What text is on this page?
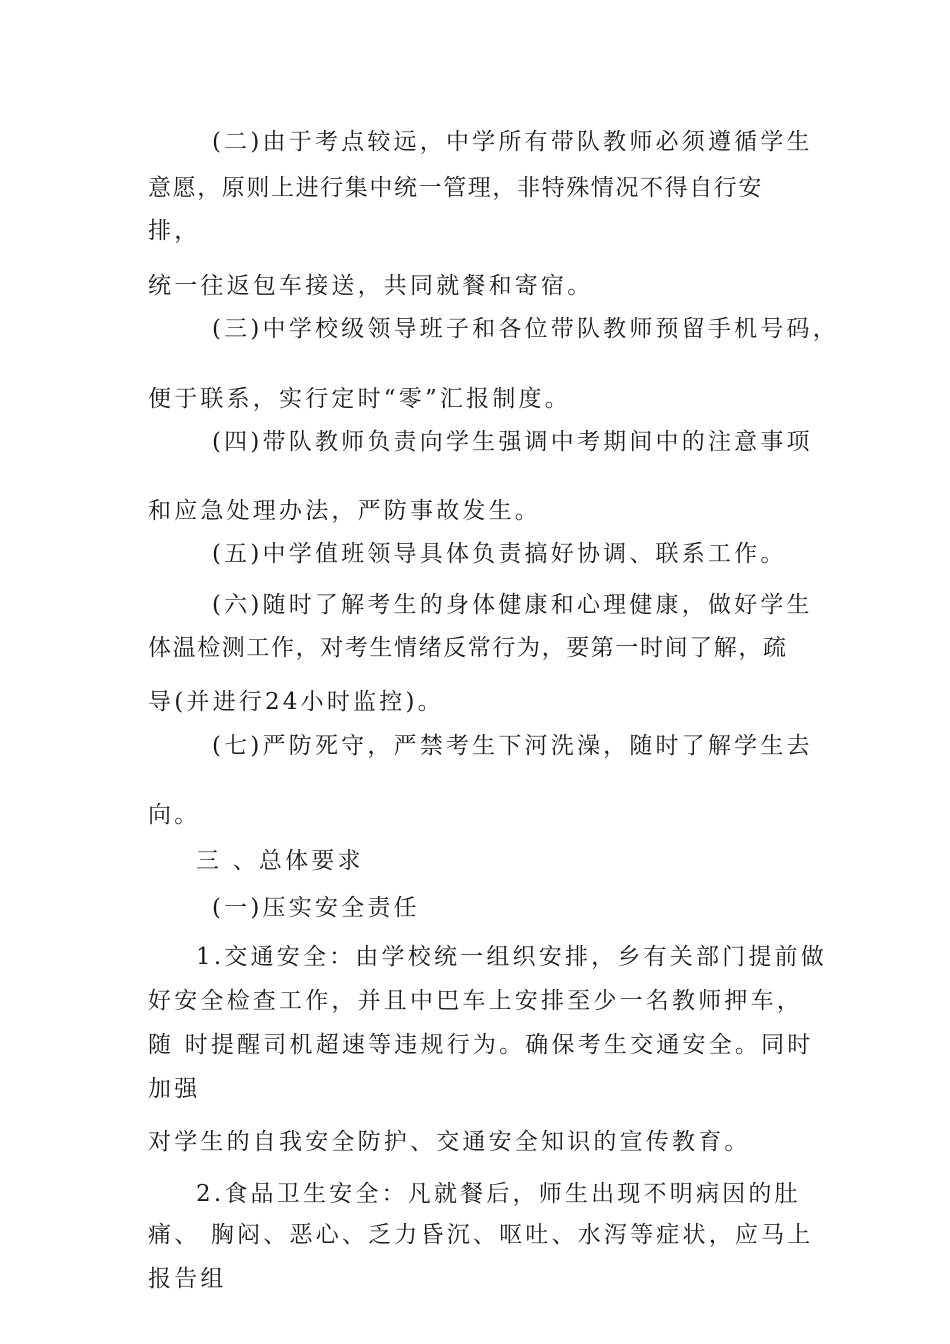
(二)由于考点较远，中学所有带队教师必须遵循学生
意愿，原则上进行集中统一管理，非特殊情况不得自行安
排，
统一往返包车接送，共同就餐和寄宿。
(三)中学校级领导班子和各位带队教师预留手机号码，
便于联系，实行定时“零”汇报制度。
(四)带队教师负责向学生强调中考期间中的注意事项
和应急处理办法，严防事故发生。
(五)中学值班领导具体负责搞好协调、联系工作。
(六)随时了解考生的身体健康和心理健康，做好学生
体温检测工作，对考生情绪反常行为，要第一时间了解，疏
导(并进行24小时监控)。
(七)严防死守，严禁考生下河洗澡，随时了解学生去
向。
三 、总体要求
(一)压实安全责任
1.交通安全：由学校统一组织安排，乡有关部门提前做
好安全检查工作，并且中巴车上安排至少一名教师押车，
随 时提醒司机超速等违规行为。确保考生交通安全。同时
加强
对学生的自我安全防护、交通安全知识的宣传教育。
2.食品卫生安全：凡就餐后，师生出现不明病因的肚
痛、 胸闷、恶心、乏力昏沉、呕吐、水泻等症状，应马上
报告组
